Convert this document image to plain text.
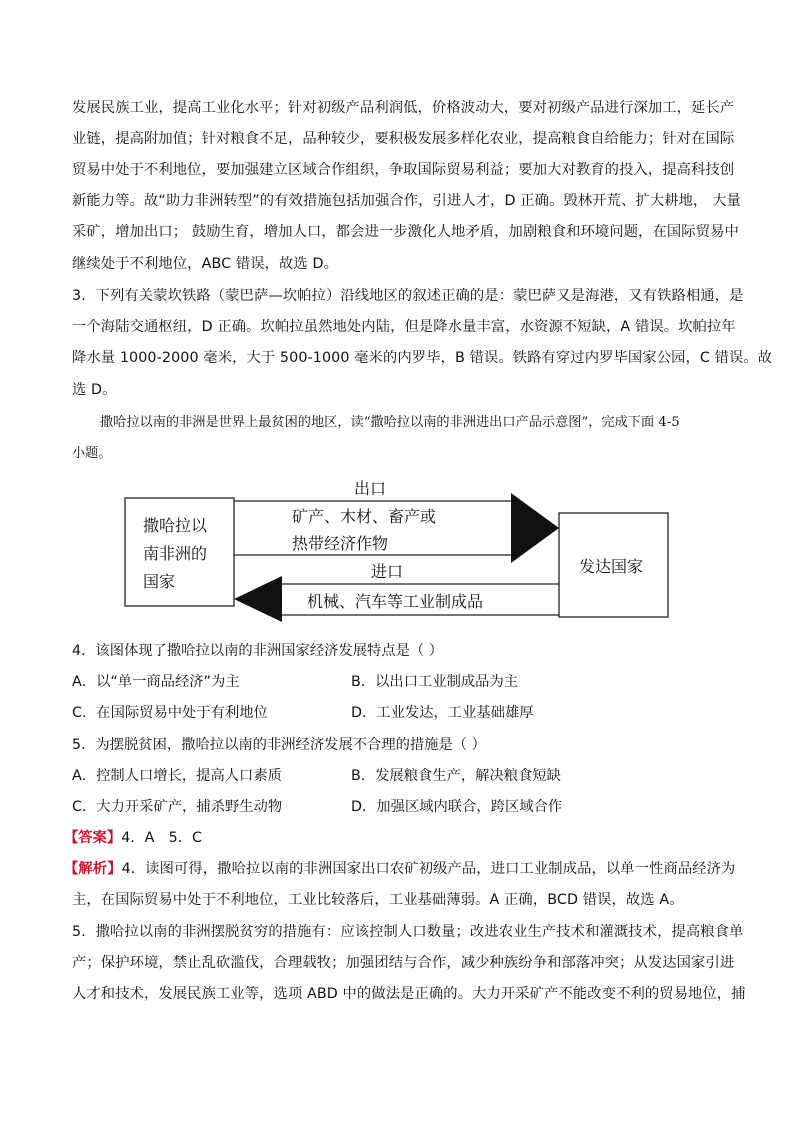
发展民族工业，提高工业化水平；针对初级产品利润低，价格波动大，要对初级产品进行深加工，延长产
业链，提高附加值；针对粮食不足，品种较少，要积极发展多样化农业，提高粮食自给能力；针对在国际
贸易中处于不利地位，要加强建立区域合作组织，争取国际贸易利益；要加大对教育的投入，提高科技创
新能力等。故“助力非洲转型”的有效措施包括加强合作，引进人才，D 正确。毁林开荒、扩大耕地， 大量
采矿，增加出口； 鼓励生育，增加人口，都会进一步激化人地矛盾，加剧粮食和环境问题，在国际贸易中
继续处于不利地位，ABC 错误，故选 D。
3．下列有关蒙坎铁路（蒙巴萨—坎帕拉）沿线地区的叙述正确的是：蒙巴萨又是海港，又有铁路相通，是
一个海陆交通枢纽，D 正确。坎帕拉虽然地处内陆，但是降水量丰富，水资源不短缺，A 错误。坎帕拉年
降水量 1000-2000 毫米，大于 500-1000 毫米的内罗毕，B 错误。铁路有穿过内罗毕国家公园，C 错误。故
选 D。
撒哈拉以南的非洲是世界上最贫困的地区，读“撒哈拉以南的非洲进出口产品示意图”，完成下面 4-5
小题。
撒哈拉以
南非洲的
国家
发达国家
出口
矿产、木材、畜产或
热带经济作物
进口
机械、汽车等工业制成品
4．该图体现了撒哈拉以南的非洲国家经济发展特点是（ ）
A．以“单一商品经济”为主	B．以出口工业制成品为主
C．在国际贸易中处于有利地位	D．工业发达，工业基础雄厚
5．为摆脱贫困，撒哈拉以南的非洲经济发展不合理的措施是（ ）
A．控制人口增长，提高人口素质	B．发展粮食生产，解决粮食短缺
C．大力开采矿产，捕杀野生动物	D．加强区域内联合，跨区域合作
【答案】4．A　5．C
【解析】4．读图可得，撒哈拉以南的非洲国家出口农矿初级产品，进口工业制成品，以单一性商品经济为
主，在国际贸易中处于不利地位，工业比较落后，工业基础薄弱。A 正确，BCD 错误，故选 A。
5．撒哈拉以南的非洲摆脱贫穷的措施有：应该控制人口数量；改进农业生产技术和灌溉技术，提高粮食单
产；保护环境，禁止乱砍滥伐，合理载牧；加强团结与合作，减少种族纷争和部落冲突；从发达国家引进
人才和技术，发展民族工业等，选项 ABD 中的做法是正确的。大力开采矿产不能改变不利的贸易地位，捕
